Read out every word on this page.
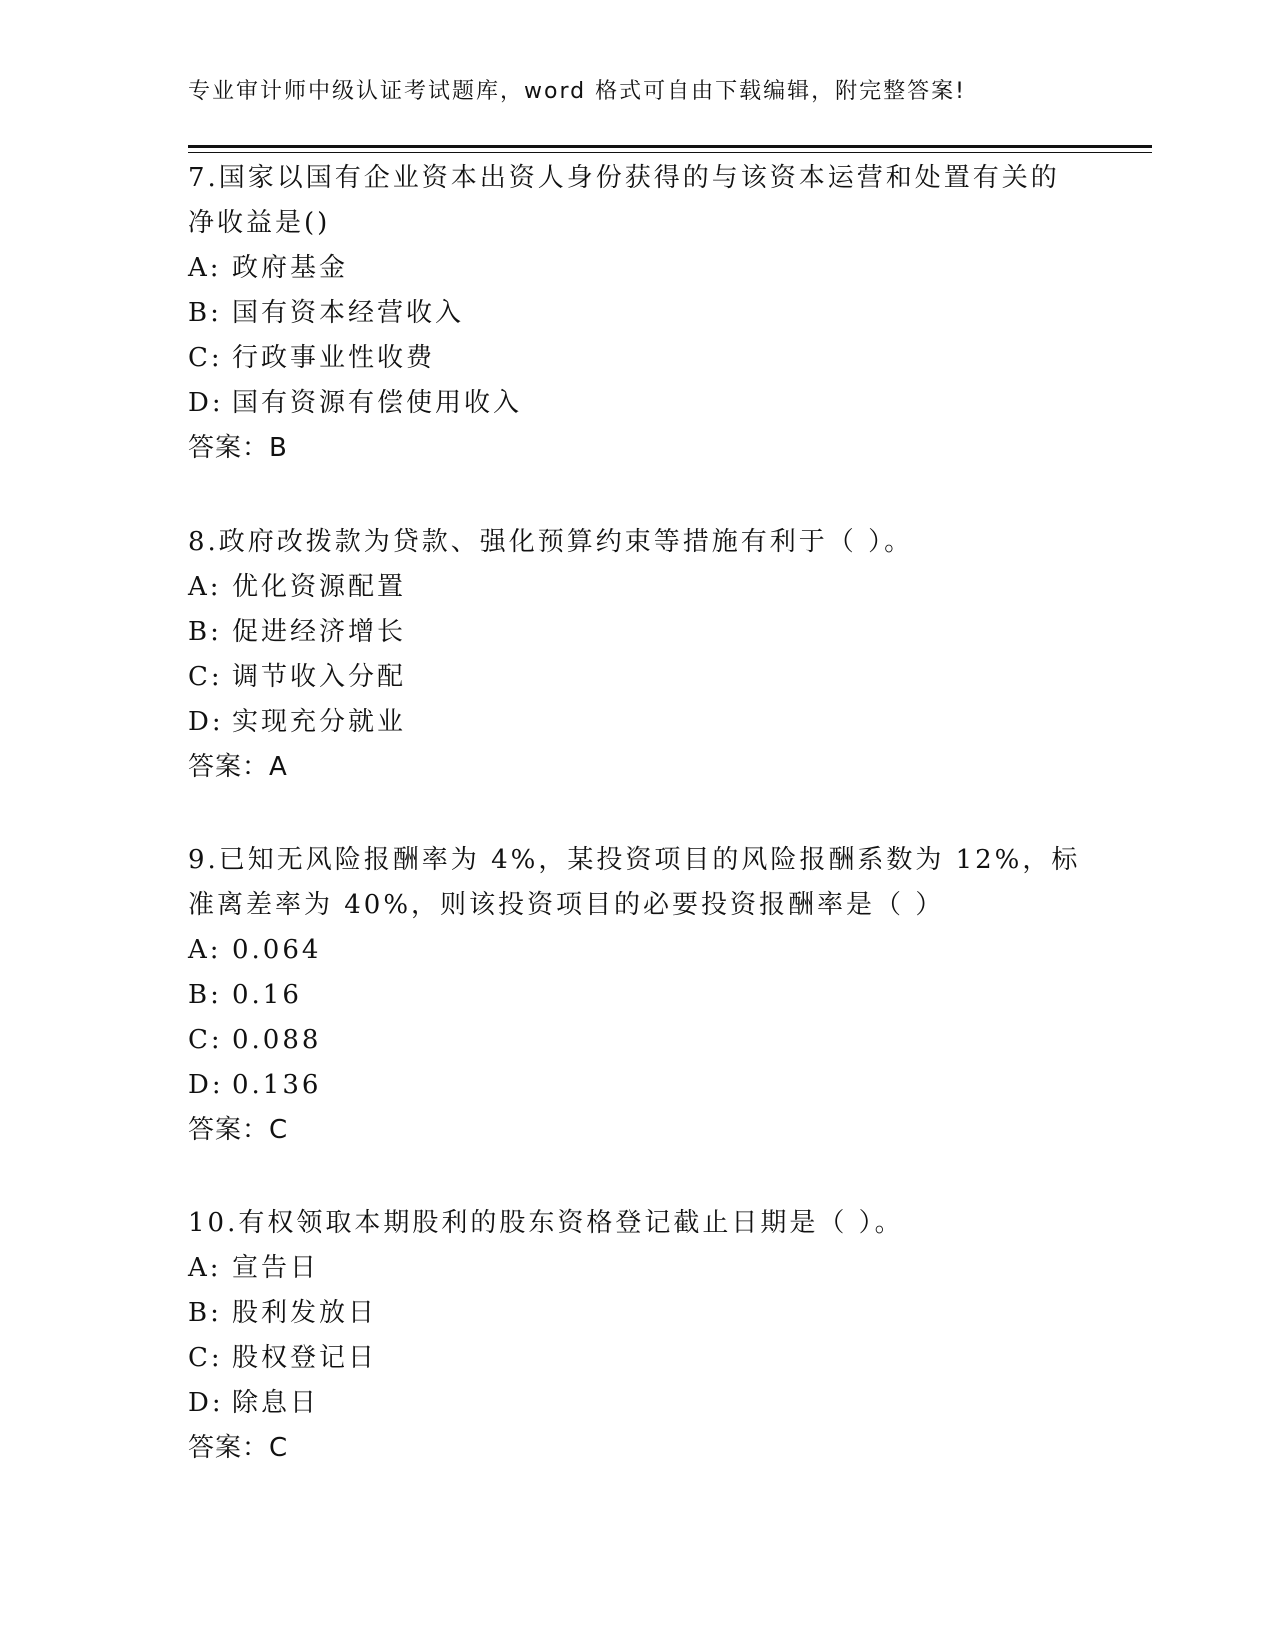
专业审计师中级认证考试题库，word 格式可自由下载编辑，附完整答案!

7.国家以国有企业资本出资人身份获得的与该资本运营和处置有关的净收益是()

A: 政府基金

B: 国有资本经营收入

C: 行政事业性收费

D: 国有资源有偿使用收入

答案：B

8.政府改拨款为贷款、强化预算约束等措施有利于（ ）。

A: 优化资源配置

B: 促进经济增长

C: 调节收入分配

D: 实现充分就业

答案：A

9.已知无风险报酬率为 4%，某投资项目的风险报酬系数为 12%，标准离差率为 40%，则该投资项目的必要投资报酬率是（ ）

A: 0.064

B: 0.16

C: 0.088

D: 0.136

答案：C

10.有权领取本期股利的股东资格登记截止日期是（ ）。

A: 宣告日

B: 股利发放日

C: 股权登记日

D: 除息日

答案：C
